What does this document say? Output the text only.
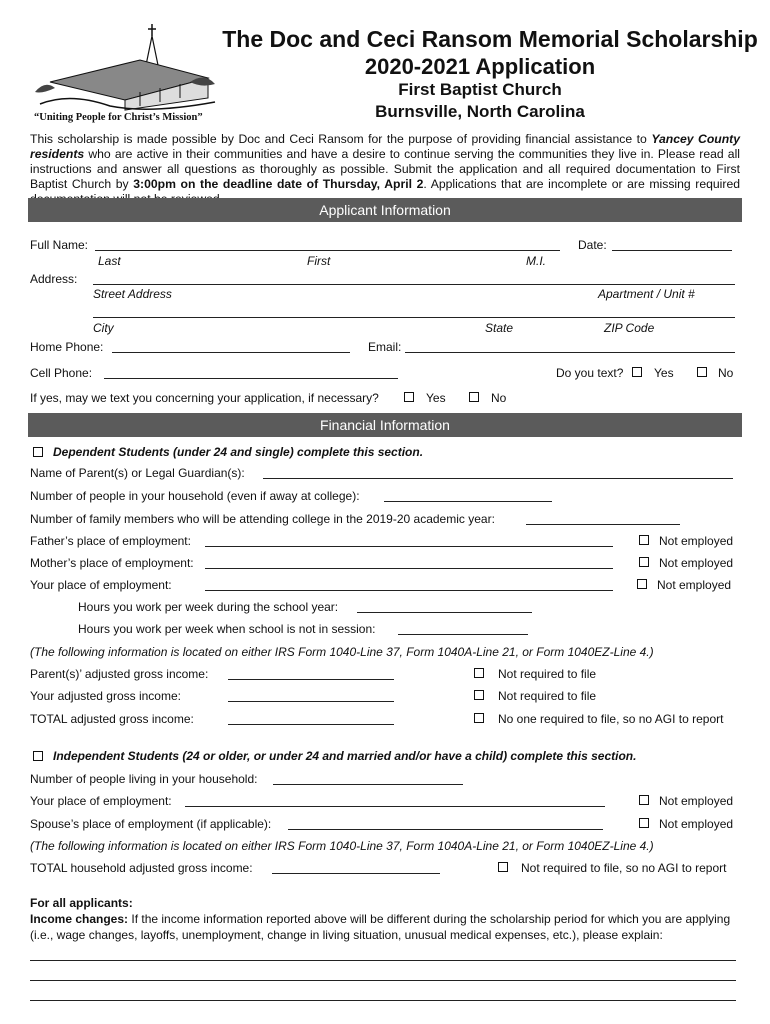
“Uniting People for Christ’s Mission”
The Doc and Ceci Ransom Memorial Scholarship
2020-2021 Application
First Baptist Church
Burnsville, North Carolina
This scholarship is made possible by Doc and Ceci Ransom for the purpose of providing financial assistance to Yancey County residents who are active in their communities and have a desire to continue serving the communities they live in. Please read all instructions and answer all questions as thoroughly as possible. Submit the application and all required documentation to First Baptist Church by 3:00pm on the deadline date of Thursday, April 2. Applications that are incomplete or are missing required
Applicant Information
Full Name:	Date:
Last	First	M.I.
Address:
Street Address	Apartment / Unit #
City	State	ZIP Code
Home Phone:	Email:
Cell Phone:	Do you text?	Yes	No
If yes, may we text you concerning your application, if necessary?	Yes	No
Financial Information
Dependent Students (under 24 and single) complete this section.
Name of Parent(s) or Legal Guardian(s):
Number of people in your household (even if away at college):
Number of family members who will be attending college in the 2019-20 academic year:
Father’s place of employment:	Not employed
Mother’s place of employment:	Not employed
Your place of employment:	Not employed
Hours you work per week during the school year:
Hours you work per week when school is not in session:
(The following information is located on either IRS Form 1040-Line 37, Form 1040A-Line 21, or Form 1040EZ-Line 4.)
Parent(s)’ adjusted gross income:	Not required to file
Your adjusted gross income:	Not required to file
TOTAL adjusted gross income:	No one required to file, so no AGI to report
Independent Students (24 or older, or under 24 and married and/or have a child) complete this section.
Number of people living in your household:
Your place of employment:	Not employed
Spouse’s place of employment (if applicable):	Not employed
(The following information is located on either IRS Form 1040-Line 37, Form 1040A-Line 21, or Form 1040EZ-Line 4.)
TOTAL household adjusted gross income:	Not required to file, so no AGI to report
For all applicants:
Income changes: If the income information reported above will be different during the scholarship period for which you are applying (i.e., wage changes, layoffs, unemployment, change in living situation, unusual medical expenses, etc.), please explain:
